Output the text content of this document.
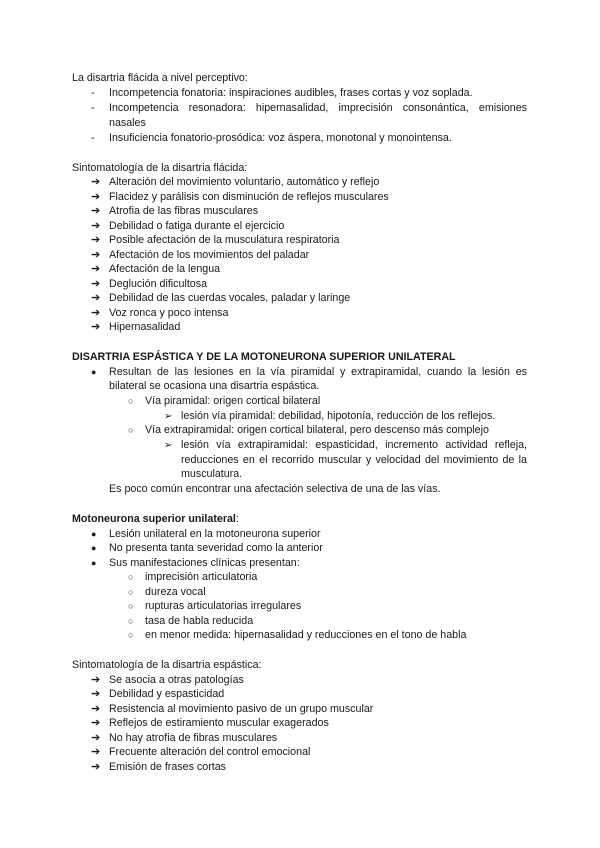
La disartria flácida a nivel perceptivo:
- Incompetencia fonatoria: inspiraciones audibles, frases cortas y voz soplada.
- Incompetencia resonadora: hipernasalidad, imprecisión consonántica, emisiones
nasales
- Insuficiencia fonatorio-prosódica: voz áspera, monotonal y monointensa.
Sintomatología de la disartria flácida:
➔ Alteración del movimiento voluntario, automático y reflejo
➔ Flacidez y parálisis con disminución de reflejos musculares
➔ Atrofia de las fibras musculares
➔ Debilidad o fatiga durante el ejercicio
➔ Posible afectación de la musculatura respiratoria
➔ Afectación de los movimientos del paladar
➔ Afectación de la lengua
➔ Deglución dificultosa
➔ Debilidad de las cuerdas vocales, paladar y laringe
➔ Voz ronca y poco intensa
➔ Hipernasalidad
DISARTRIA ESPÁSTICA Y DE LA MOTONEURONA SUPERIOR UNILATERAL
● Resultan de las lesiones en la vía piramidal y extrapiramidal, cuando la lesión es
bilateral se ocasiona una disartria espástica.
○ Vía piramidal: origen cortical bilateral
➢ lesión vía piramidal: debilidad, hipotonía, reducción de los reflejos.
○ Vía extrapiramidal: origen cortical bilateral, pero descenso más complejo
➢ lesión vía extrapiramidal: espasticidad, incremento actividad refleja,
reducciones en el recorrido muscular y velocidad del movimiento de la
musculatura.
Es poco común encontrar una afectación selectiva de una de las vías.
Motoneurona superior unilateral:
● Lesión unilateral en la motoneurona superior
● No presenta tanta severidad como la anterior
● Sus manifestaciones clínicas presentan:
○ imprecisión articulatoria
○ dureza vocal
○ rupturas articulatorias irregulares
○ tasa de habla reducida
○ en menor medida: hipernasalidad y reducciones en el tono de habla
Sintomatología de la disartria espástica:
➔ Se asocia a otras patologías
➔ Debilidad y espasticidad
➔ Resistencia al movimiento pasivo de un grupo muscular
➔ Reflejos de estiramiento muscular exagerados
➔ No hay atrofia de fibras musculares
➔ Frecuente alteración del control emocional
➔ Emisión de frases cortas
